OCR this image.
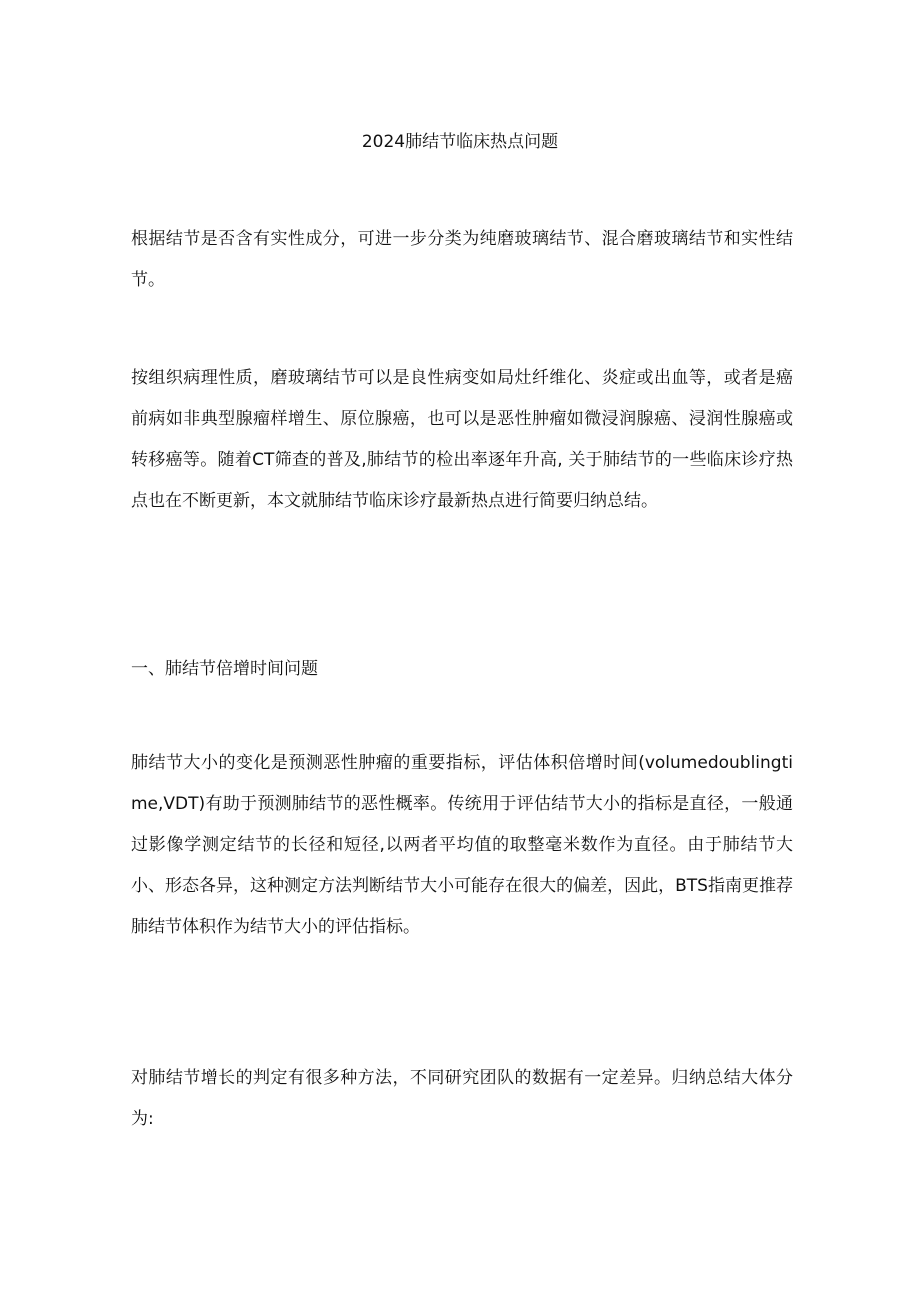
2024肺结节临床热点问题

根据结节是否含有实性成分，可进一步分类为纯磨玻璃结节、混合磨玻璃结节和实性结节。

按组织病理性质，磨玻璃结节可以是良性病变如局灶纤维化、炎症或出血等，或者是癌前病如非典型腺瘤样增生、原位腺癌，也可以是恶性肿瘤如微浸润腺癌、浸润性腺癌或转移癌等。随着CT筛查的普及,肺结节的检出率逐年升高, 关于肺结节的一些临床诊疗热点也在不断更新，本文就肺结节临床诊疗最新热点进行简要归纳总结。

一、肺结节倍增时间问题

肺结节大小的变化是预测恶性肿瘤的重要指标，评估体积倍增时间(volumedoublingtime,VDT)有助于预测肺结节的恶性概率。传统用于评估结节大小的指标是直径，一般通过影像学测定结节的长径和短径,以两者平均值的取整毫米数作为直径。由于肺结节大小、形态各异，这种测定方法判断结节大小可能存在很大的偏差，因此，BTS指南更推荐肺结节体积作为结节大小的评估指标。

对肺结节增长的判定有很多种方法，不同研究团队的数据有一定差异。归纳总结大体分为:
